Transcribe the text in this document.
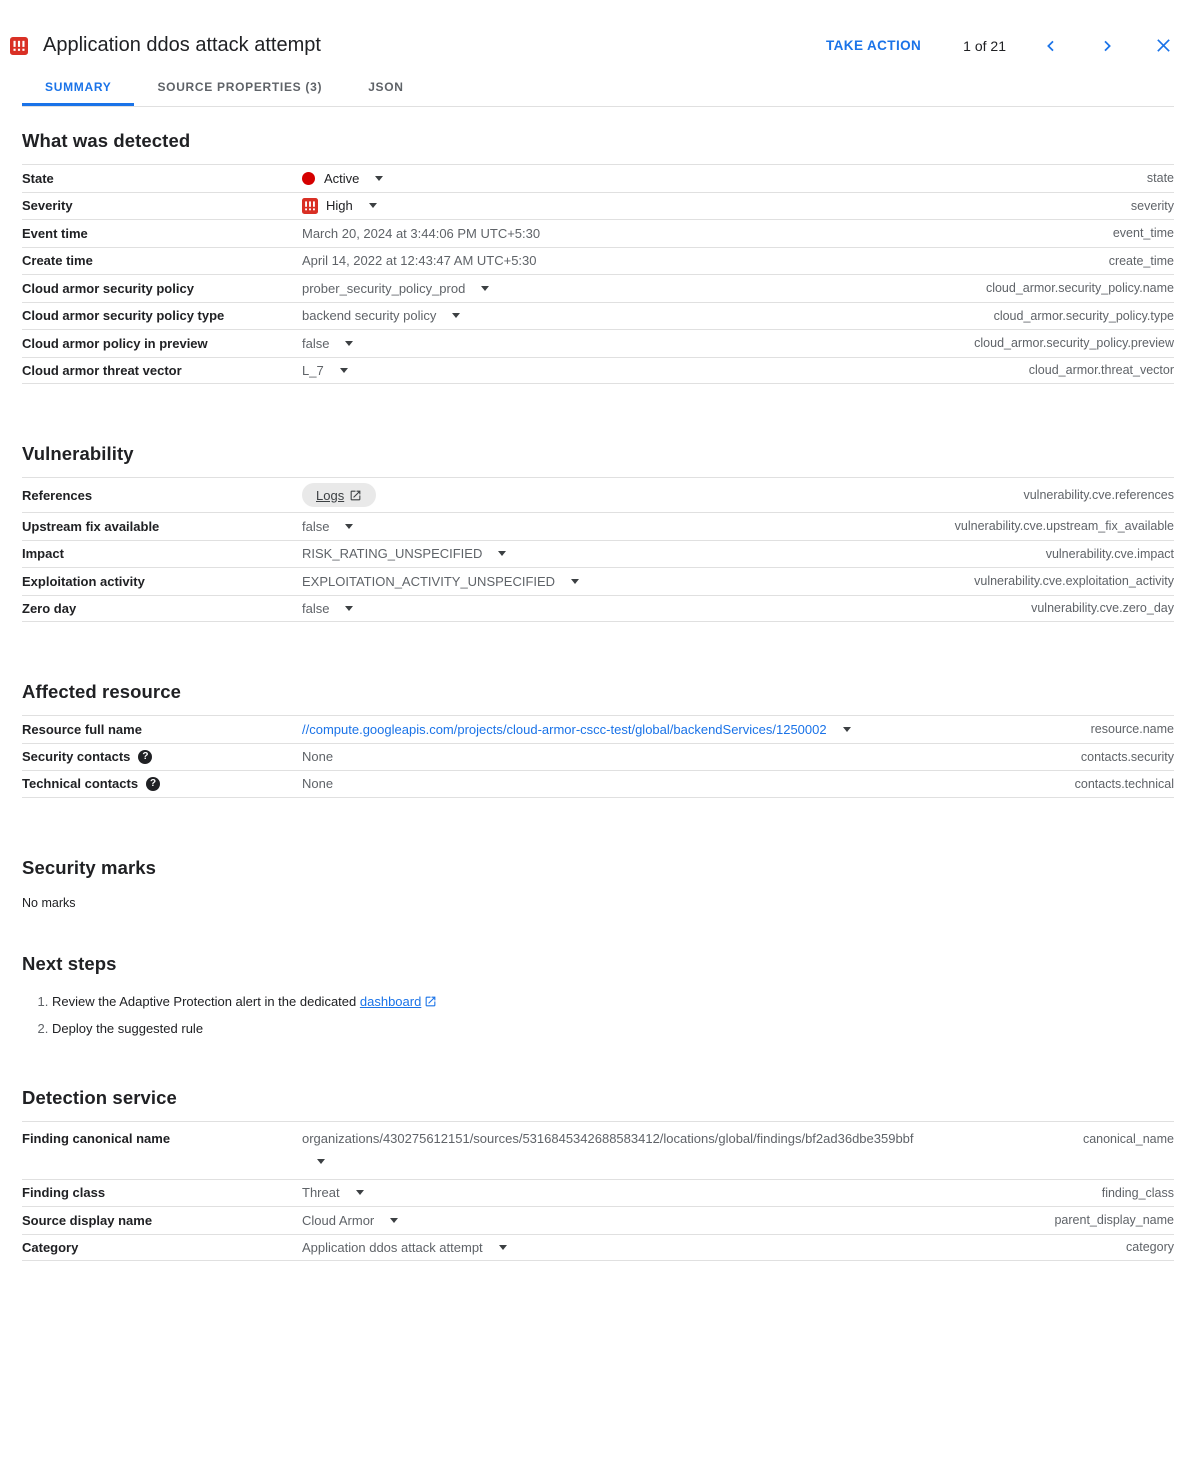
Application ddos attack attempt	TAKE ACTION	1 of 21
SUMMARY	SOURCE PROPERTIES (3)	JSON
What was detected
State	Active	state
Severity	High	severity
Event time	March 20, 2024 at 3:44:06 PM UTC+5:30	event_time
Create time	April 14, 2022 at 12:43:47 AM UTC+5:30	create_time
Cloud armor security policy	prober_security_policy_prod	cloud_armor.security_policy.name
Cloud armor security policy type	backend security policy	cloud_armor.security_policy.type
Cloud armor policy in preview	false	cloud_armor.security_policy.preview
Cloud armor threat vector	L_7	cloud_armor.threat_vector
Vulnerability
References	Logs	vulnerability.cve.references
Upstream fix available	false	vulnerability.cve.upstream_fix_available
Impact	RISK_RATING_UNSPECIFIED	vulnerability.cve.impact
Exploitation activity	EXPLOITATION_ACTIVITY_UNSPECIFIED	vulnerability.cve.exploitation_activity
Zero day	false	vulnerability.cve.zero_day
Affected resource
Resource full name	//compute.googleapis.com/projects/cloud-armor-cscc-test/global/backendServices/1250002	resource.name
Security contacts	?	None	contacts.security
Technical contacts	?	None	contacts.technical
Security marks
No marks
Next steps
1. Review the Adaptive Protection alert in the dedicated dashboard
2. Deploy the suggested rule
Detection service
Finding canonical name	organizations/430275612151/sources/5316845342688583412/locations/global/findings/bf2ad36dbe359bbf	canonical_name
Finding class	Threat	finding_class
Source display name	Cloud Armor	parent_display_name
Category	Application ddos attack attempt	category
